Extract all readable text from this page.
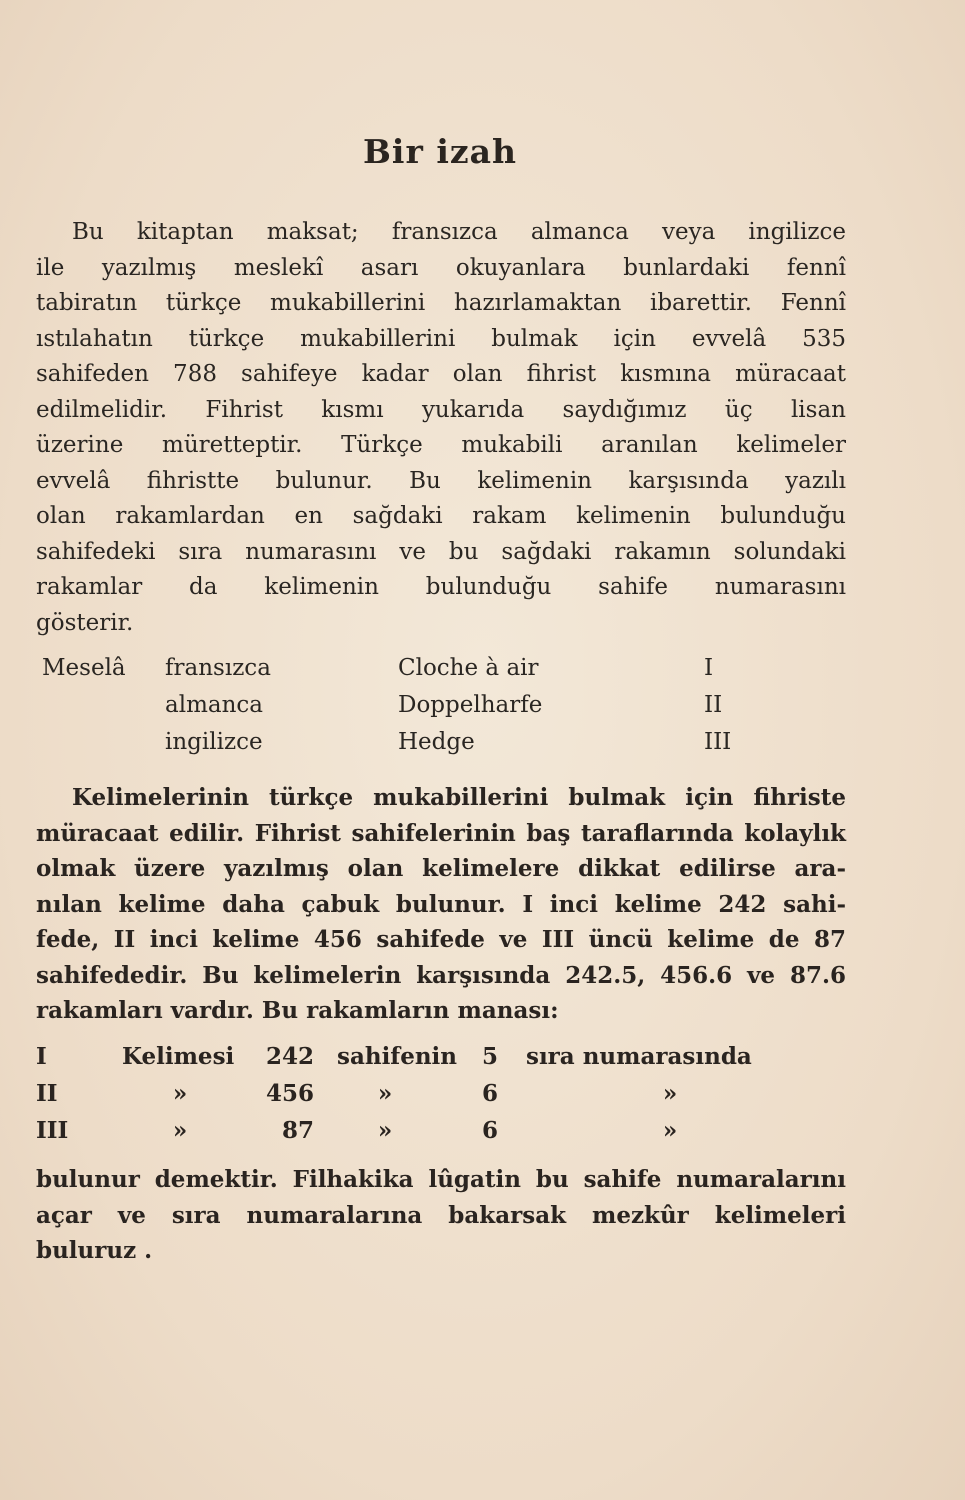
Bir izah
Bu kitaptan maksat; fransızca almanca veya ingilizce
ile yazılmış meslekî asarı okuyanlara bunlardaki fennî
tabiratın türkçe mukabillerini hazırlamaktan ibarettir. Fennî
ıstılahatın türkçe mukabillerini bulmak için evvelâ 535
sahifeden 788 sahifeye kadar olan fihrist kısmına müracaat
edilmelidir. Fihrist kısmı yukarıda saydığımız üç lisan
üzerine müretteptir. Türkçe mukabili aranılan kelimeler
evvelâ fihristte bulunur. Bu kelimenin karşısında yazılı
olan rakamlardan en sağdaki rakam kelimenin bulunduğu
sahifedeki sıra numarasını ve bu sağdaki rakamın solundaki
rakamlar da kelimenin bulunduğu sahife numarasını
gösterir.
Meselâ fransızca	Cloche à air	I
almanca	Doppelharfe	II
ingilizce	Hedge	III
Kelimelerinin türkçe mukabillerini bulmak için fihriste
müracaat edilir. Fihrist sahifelerinin baş taraflarında kolaylık
olmak üzere yazılmış olan kelimelere dikkat edilirse ara-
nılan kelime daha çabuk bulunur. I inci kelime 242 sahi-
fede, II inci kelime 456 sahifede ve III üncü kelime de 87
sahifededir. Bu kelimelerin karşısında 242.5, 456.6 ve 87.6
rakamları vardır. Bu rakamların manası:
I	Kelimesi 242 sahifenin 5 sıra numarasında
II	»	456	»	6	»
III	»	87	»	6	»
bulunur demektir. Filhakika lûgatin bu sahife numaralarını
açar ve sıra numaralarına bakarsak mezkûr kelimeleri
buluruz .
